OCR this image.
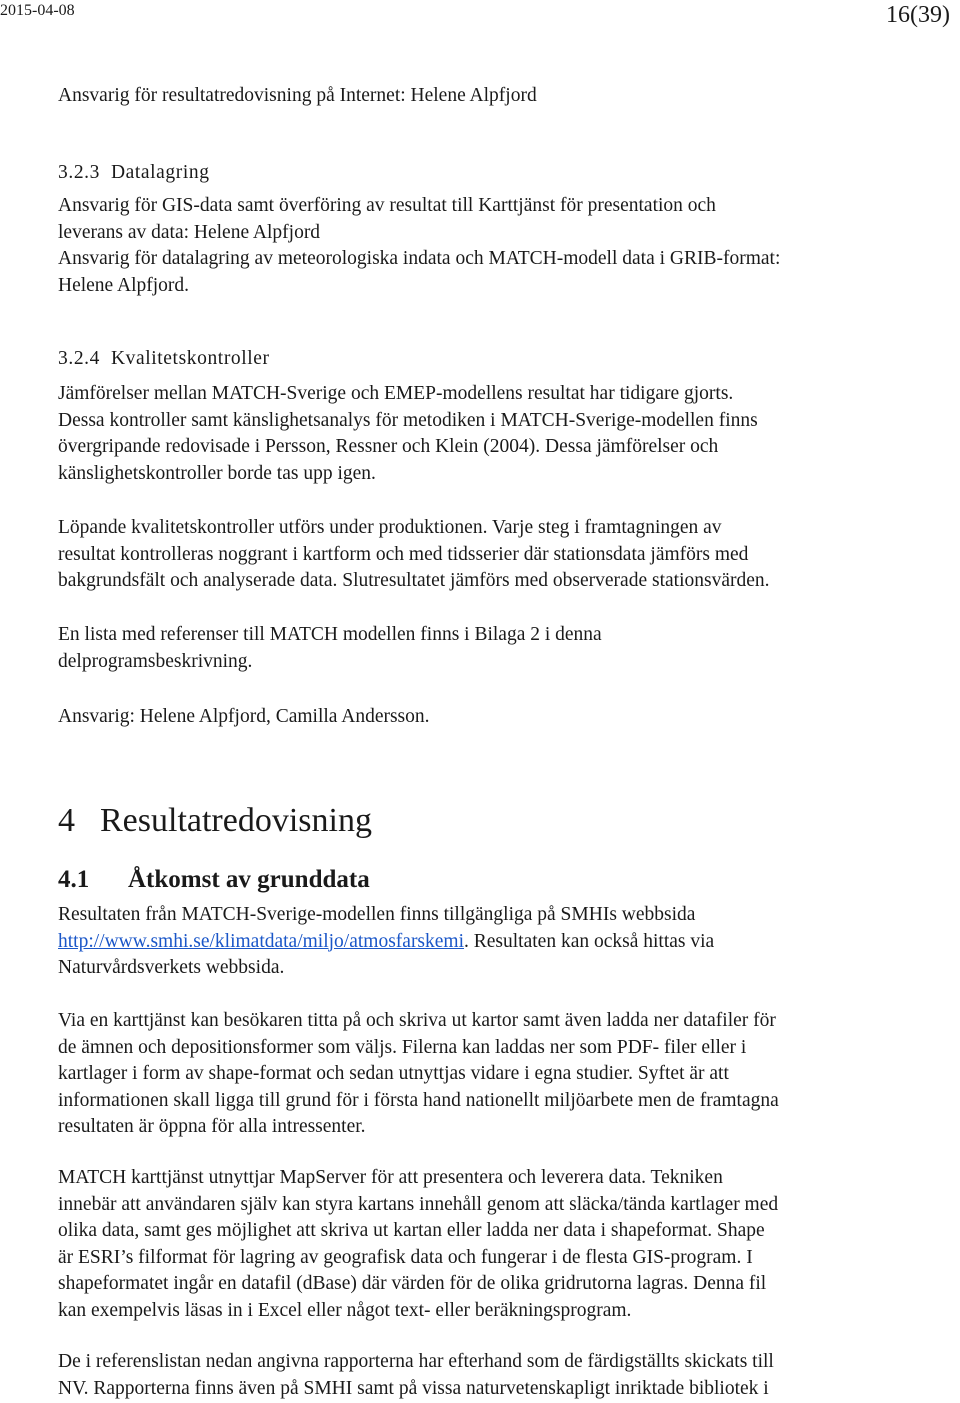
2015-04-08	16(39)

Ansvarig för resultatredovisning på Internet: Helene Alpfjord

3.2.3 Datalagring

Ansvarig för GIS-data samt överföring av resultat till Karttjänst för presentation och
leverans av data: Helene Alpfjord
Ansvarig för datalagring av meteorologiska indata och MATCH-modell data i GRIB-format:
Helene Alpfjord.

3.2.4 Kvalitetskontroller

Jämförelser mellan MATCH-Sverige och EMEP-modellens resultat har tidigare gjorts.
Dessa kontroller samt känslighetsanalys för metodiken i MATCH-Sverige-modellen finns
övergripande redovisade i Persson, Ressner och Klein (2004). Dessa jämförelser och
känslighetskontroller borde tas upp igen.

Löpande kvalitetskontroller utförs under produktionen. Varje steg i framtagningen av
resultat kontrolleras noggrant i kartform och med tidsserier där stationsdata jämförs med
bakgrundsfält och analyserade data. Slutresultatet jämförs med observerade stationsvärden.

En lista med referenser till MATCH modellen finns i Bilaga 2 i denna
delprogramsbeskrivning.

Ansvarig: Helene Alpfjord, Camilla Andersson.

4 Resultatredovisning
4.1 Åtkomst av grunddata

Resultaten från MATCH-Sverige-modellen finns tillgängliga på SMHIs webbsida
http://www.smhi.se/klimatdata/miljo/atmosfarskemi. Resultaten kan också hittas via
Naturvårdsverkets webbsida.

Via en karttjänst kan besökaren titta på och skriva ut kartor samt även ladda ner datafiler för
de ämnen och depositionsformer som väljs. Filerna kan laddas ner som PDF- filer eller i
kartlager i form av shape-format och sedan utnyttjas vidare i egna studier. Syftet är att
informationen skall ligga till grund för i första hand nationellt miljöarbete men de framtagna
resultaten är öppna för alla intressenter.

MATCH karttjänst utnyttjar MapServer för att presentera och leverera data. Tekniken
innebär att användaren själv kan styra kartans innehåll genom att släcka/tända kartlager med
olika data, samt ges möjlighet att skriva ut kartan eller ladda ner data i shapeformat. Shape
är ESRI’s filformat för lagring av geografisk data och fungerar i de flesta GIS-program. I
shapeformatet ingår en datafil (dBase) där värden för de olika gridrutorna lagras. Denna fil
kan exempelvis läsas in i Excel eller något text- eller beräkningsprogram.

De i referenslistan nedan angivna rapporterna har efterhand som de färdigställts skickats till
NV. Rapporterna finns även på SMHI samt på vissa naturvetenskapligt inriktade bibliotek i
